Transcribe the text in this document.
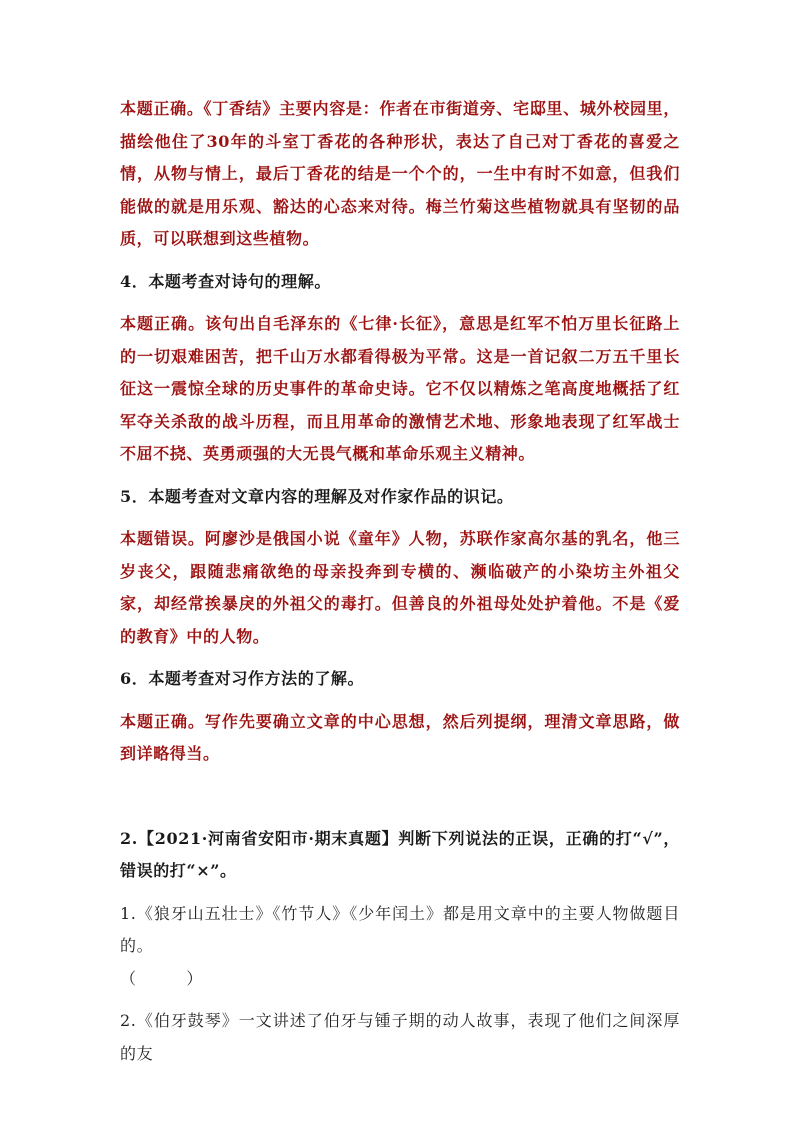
本题正确。《丁香结》主要内容是：作者在市街道旁、宅邸里、城外校园里，描绘他住了30年的斗室丁香花的各种形状，表达了自己对丁香花的喜爱之情，从物与情上，最后丁香花的结是一个个的，一生中有时不如意，但我们能做的就是用乐观、豁达的心态来对待。梅兰竹菊这些植物就具有坚韧的品质，可以联想到这些植物。

4．本题考查对诗句的理解。

本题正确。该句出自毛泽东的《七律·长征》，意思是红军不怕万里长征路上的一切艰难困苦，把千山万水都看得极为平常。这是一首记叙二万五千里长征这一震惊全球的历史事件的革命史诗。它不仅以精炼之笔高度地概括了红军夺关杀敌的战斗历程，而且用革命的激情艺术地、形象地表现了红军战士不屈不挠、英勇顽强的大无畏气概和革命乐观主义精神。

5．本题考查对文章内容的理解及对作家作品的识记。

本题错误。阿廖沙是俄国小说《童年》人物，苏联作家高尔基的乳名，他三岁丧父，跟随悲痛欲绝的母亲投奔到专横的、濒临破产的小染坊主外祖父家，却经常挨暴戾的外祖父的毒打。但善良的外祖母处处护着他。不是《爱的教育》中的人物。

6．本题考查对习作方法的了解。

本题正确。写作先要确立文章的中心思想，然后列提纲，理清文章思路，做到详略得当。

2.【2021·河南省安阳市·期末真题】判断下列说法的正误，正确的打“√”，错误的打“×”。

1.《狼牙山五壮士》《竹节人》《少年闰土》都是用文章中的主要人物做题目的。
（　　　）

2.《伯牙鼓琴》一文讲述了伯牙与锺子期的动人故事，表现了他们之间深厚的友
